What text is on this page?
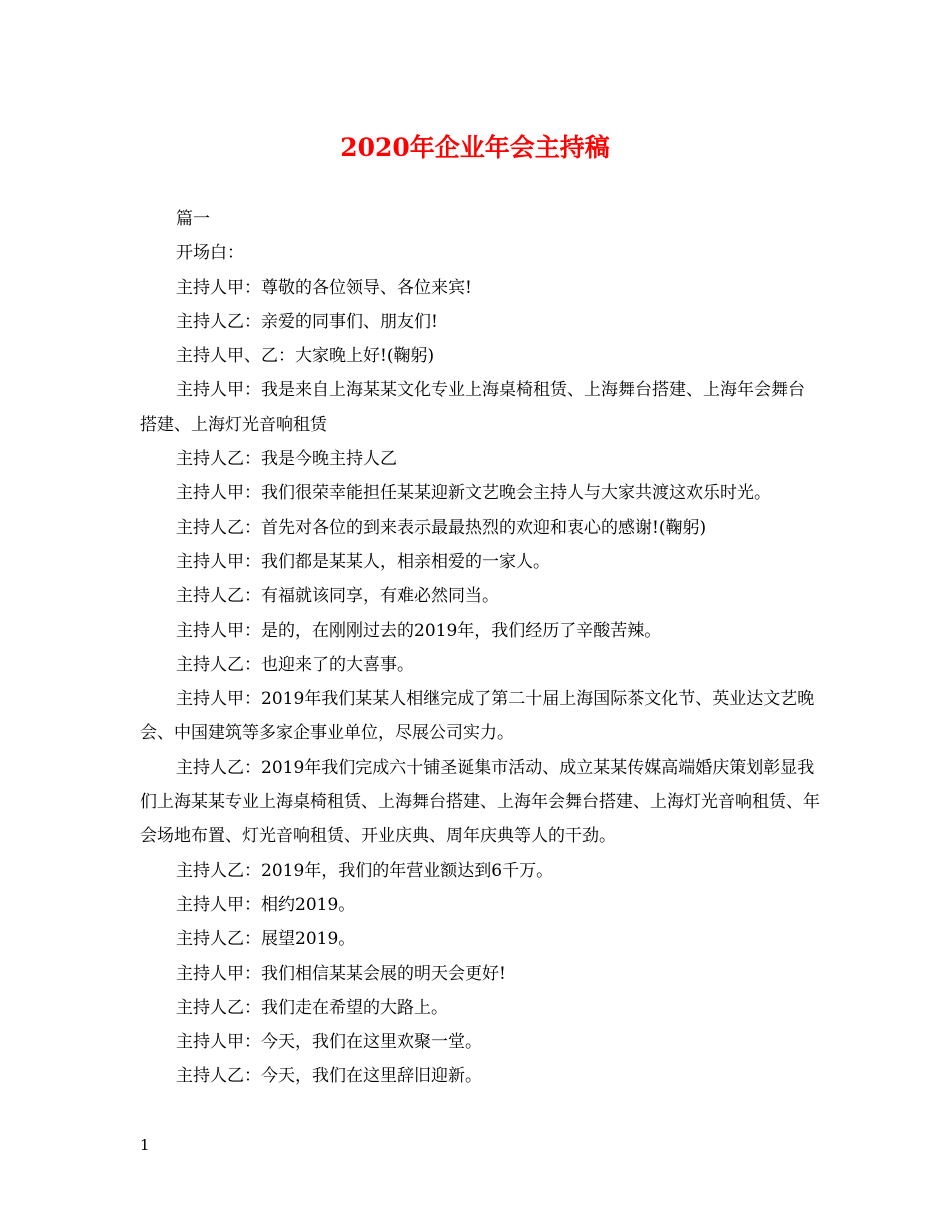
2020年企业年会主持稿

篇一

开场白：

主持人甲：尊敬的各位领导、各位来宾!

主持人乙：亲爱的同事们、朋友们!

主持人甲、乙：大家晚上好!(鞠躬)

主持人甲：我是来自上海某某文化专业上海桌椅租赁、上海舞台搭建、上海年会舞台搭建、上海灯光音响租赁

主持人乙：我是今晚主持人乙

主持人甲：我们很荣幸能担任某某迎新文艺晚会主持人与大家共渡这欢乐时光。

主持人乙：首先对各位的到来表示最最热烈的欢迎和衷心的感谢!(鞠躬)

主持人甲：我们都是某某人，相亲相爱的一家人。

主持人乙：有福就该同享，有难必然同当。

主持人甲：是的，在刚刚过去的2019年，我们经历了辛酸苦辣。

主持人乙：也迎来了的大喜事。

主持人甲：2019年我们某某人相继完成了第二十届上海国际茶文化节、英业达文艺晚会、中国建筑等多家企事业单位，尽展公司实力。

主持人乙：2019年我们完成六十铺圣诞集市活动、成立某某传媒高端婚庆策划彰显我们上海某某专业上海桌椅租赁、上海舞台搭建、上海年会舞台搭建、上海灯光音响租赁、年会场地布置、灯光音响租赁、开业庆典、周年庆典等人的干劲。

主持人乙：2019年，我们的年营业额达到6千万。

主持人甲：相约2019。

主持人乙：展望2019。

主持人甲：我们相信某某会展的明天会更好!

主持人乙：我们走在希望的大路上。

主持人甲：今天，我们在这里欢聚一堂。

主持人乙：今天，我们在这里辞旧迎新。

1
